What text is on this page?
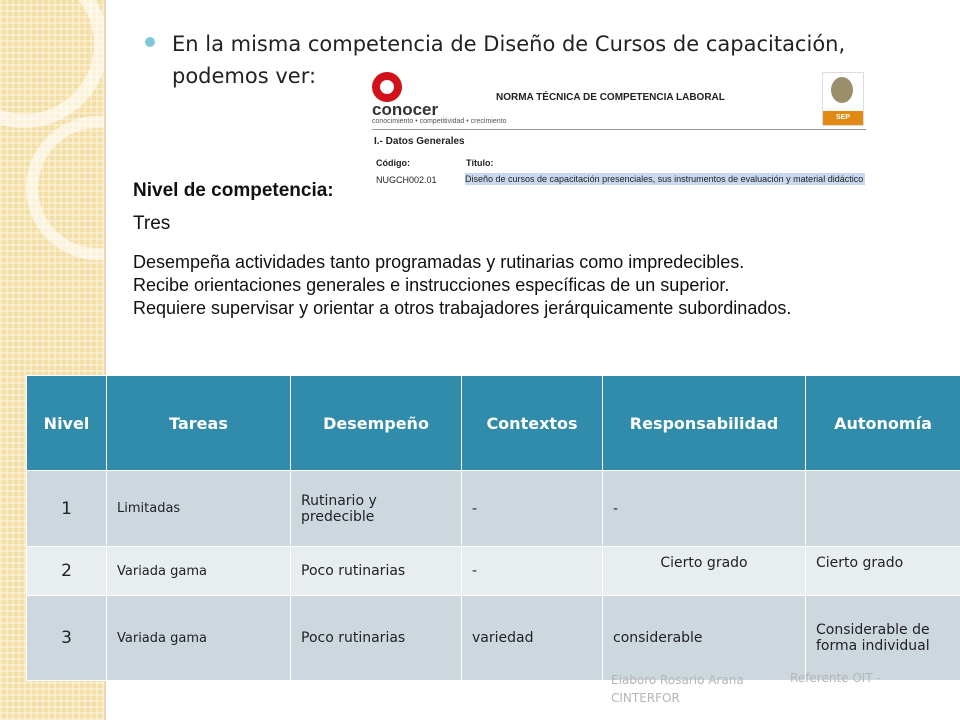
En la misma competencia de Diseño de Cursos de capacitación,
podemos ver:
conocer
conocimiento • competitividad • crecimiento
NORMA TÉCNICA DE COMPETENCIA LABORAL
SEP
I.- Datos Generales
Código:
NUGCH002.01
Título:
Diseño de cursos de capacitación presenciales, sus instrumentos de evaluación y material didáctico
Nivel de competencia:
Tres
Desempeña actividades tanto programadas y rutinarias como impredecibles.
Recibe orientaciones generales e instrucciones específicas de un superior.
Requiere supervisar y orientar a otros trabajadores jerárquicamente subordinados.
Nivel	Tareas	Desempeño	Contextos	Responsabilidad	Autonomía
1	Limitadas	Rutinario y predecible	-	-	
2	Variada gama	Poco rutinarias	-	Cierto grado	Cierto grado
3	Variada gama	Poco rutinarias	variedad	considerable	Considerable de forma individual
Elaboro Rosario Arana
CINTERFOR
Referente OIT -
